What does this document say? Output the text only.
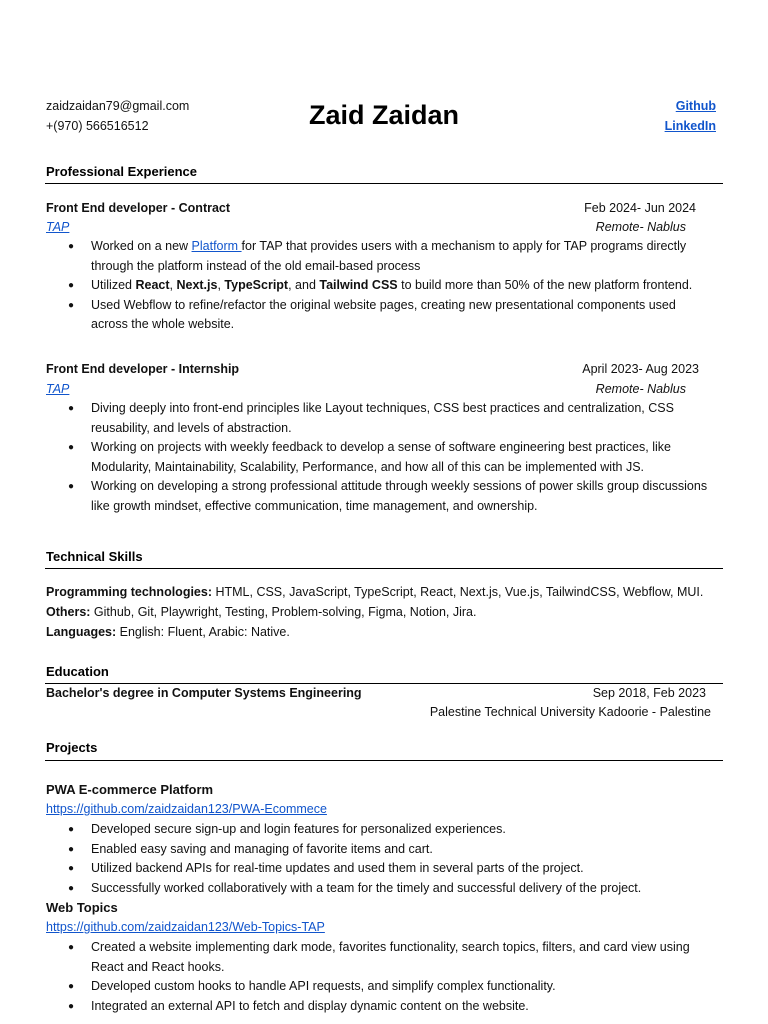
zaidzaidan79@gmail.com
+(970) 566516512	Zaid Zaidan	Github
LinkedIn
Professional Experience
Front End developer - Contract	Feb 2024- Jun 2024
TAP	Remote- Nablus
● Worked on a new Platform for TAP that provides users with a mechanism to apply for TAP programs directly through the platform instead of the old email-based process
● Utilized React, Next.js, TypeScript, and Tailwind CSS to build more than 50% of the new platform frontend.
● Used Webflow to refine/refactor the original website pages, creating new presentational components used across the whole website.
Front End developer - Internship	April 2023- Aug 2023
TAP	Remote- Nablus
● Diving deeply into front-end principles like Layout techniques, CSS best practices and centralization, CSS reusability, and levels of abstraction.
● Working on projects with weekly feedback to develop a sense of software engineering best practices, like Modularity, Maintainability, Scalability, Performance, and how all of this can be implemented with JS.
● Working on developing a strong professional attitude through weekly sessions of power skills group discussions like growth mindset, effective communication, time management, and ownership.
Technical Skills
Programming technologies: HTML, CSS, JavaScript, TypeScript, React, Next.js, Vue.js, TailwindCSS, Webflow, MUI.
Others: Github, Git, Playwright, Testing, Problem-solving, Figma, Notion, Jira.
Languages: English: Fluent, Arabic: Native.
Education
Bachelor's degree in Computer Systems Engineering	Sep 2018, Feb 2023
Palestine Technical University Kadoorie - Palestine
Projects
PWA E-commerce Platform
https://github.com/zaidzaidan123/PWA-Ecommece
● Developed secure sign-up and login features for personalized experiences.
● Enabled easy saving and managing of favorite items and cart.
● Utilized backend APIs for real-time updates and used them in several parts of the project.
● Successfully worked collaboratively with a team for the timely and successful delivery of the project.
Web Topics
https://github.com/zaidzaidan123/Web-Topics-TAP
● Created a website implementing dark mode, favorites functionality, search topics, filters, and card view using React and React hooks.
● Developed custom hooks to handle API requests, and simplify complex functionality.
● Integrated an external API to fetch and display dynamic content on the website.
